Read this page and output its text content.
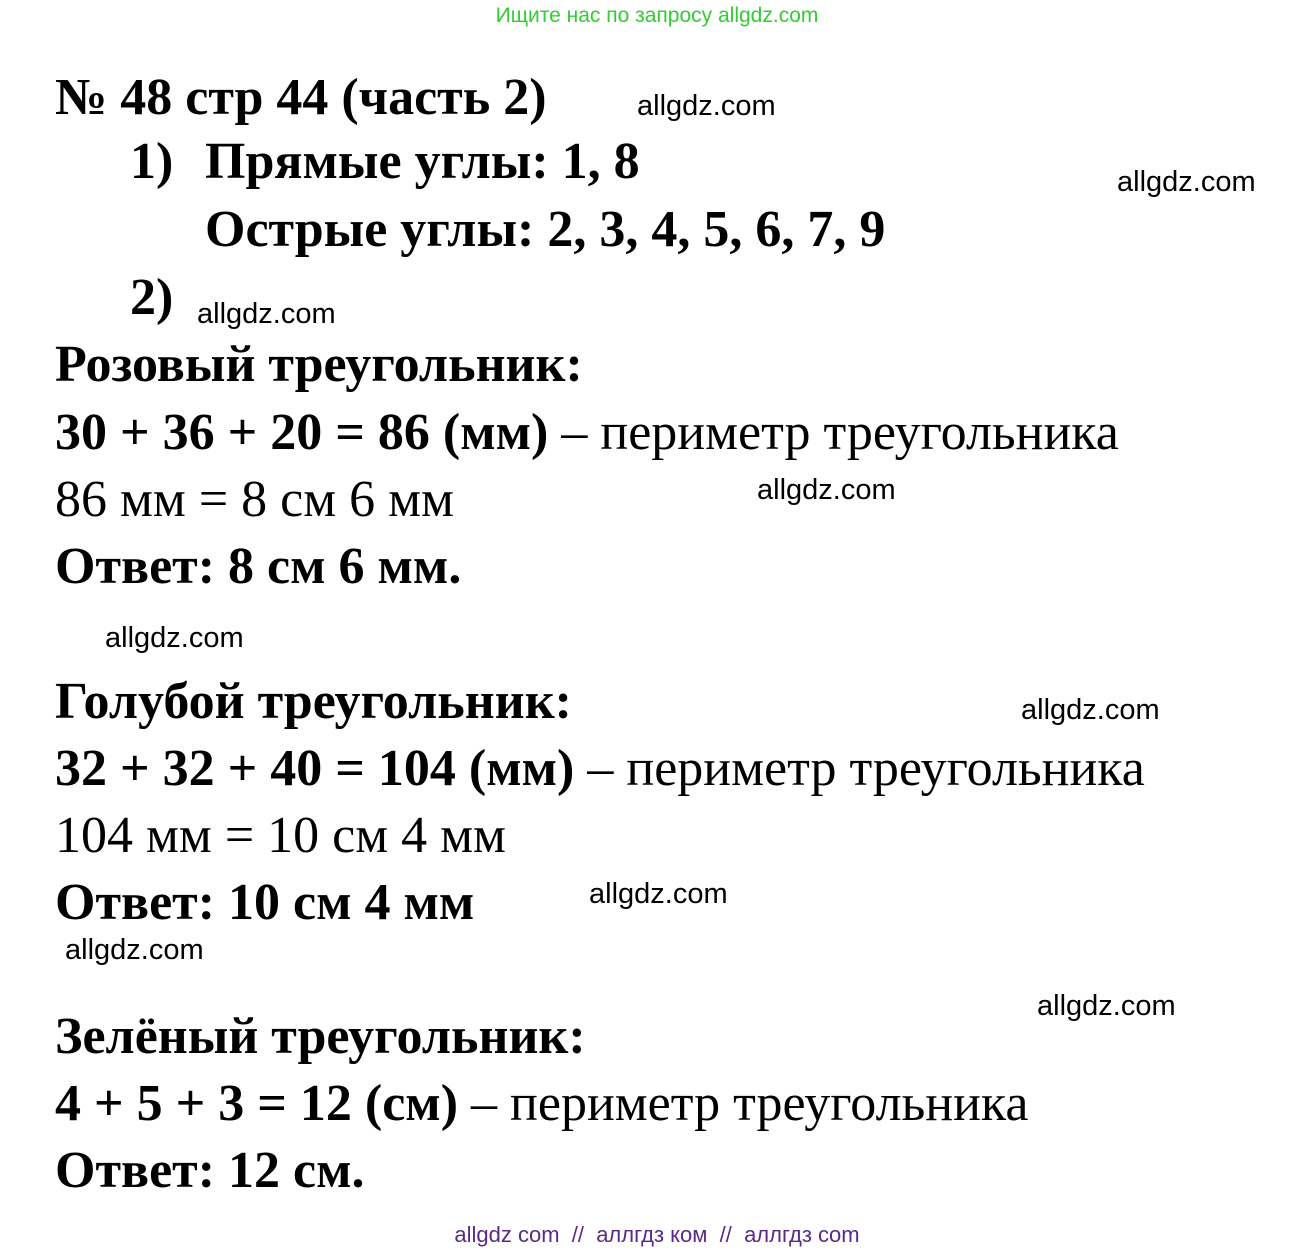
Ищите нас по запросу allgdz.com
№ 48 стр 44 (часть 2)
1) Прямые углы: 1, 8
Острые углы: 2, 3, 4, 5, 6, 7, 9
2)
Розовый треугольник:
30 + 36 + 20 = 86 (мм) – периметр треугольника
86 мм = 8 см 6 мм
Ответ: 8 см 6 мм.
Голубой треугольник:
32 + 32 + 40 = 104 (мм) – периметр треугольника
104 мм = 10 см 4 мм
Ответ: 10 см 4 мм
Зелёный треугольник:
4 + 5 + 3 = 12 (см) – периметр треугольника
Ответ: 12 см.
allgdz.com
allgdz.com
allgdz.com
allgdz.com
allgdz.com
allgdz.com
allgdz.com
allgdz.com
allgdz.com
allgdz com  //  аллгдз ком  //  аллгдз com
